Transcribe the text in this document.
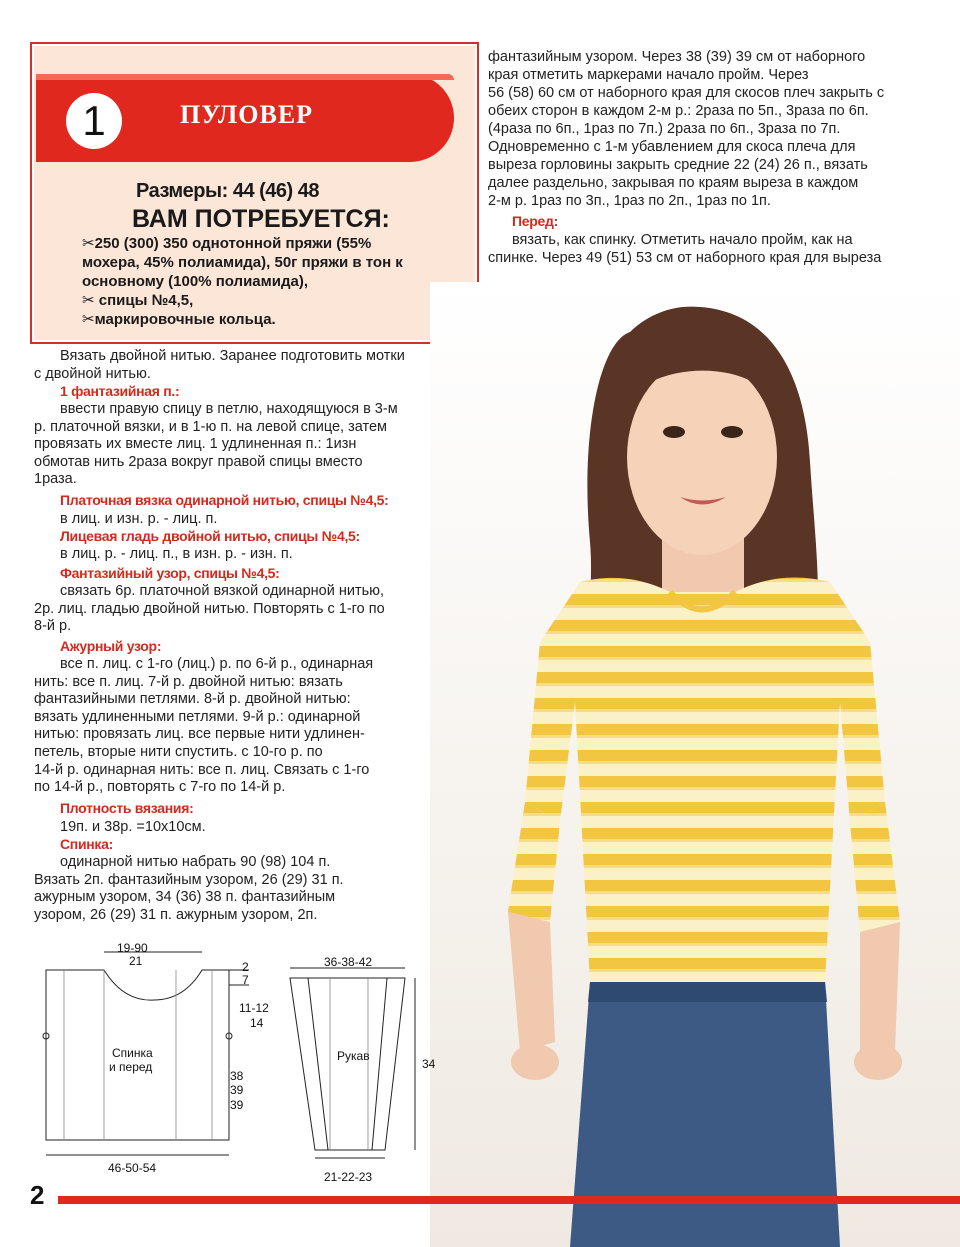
1	ПУЛОВЕР
Размеры: 44 (46) 48
ВАМ ПОТРЕБУЕТСЯ:
✂250 (300) 350 однотонной пряжи (55%
мохера, 45% полиамида), 50г пряжи в тон к
основному (100% полиамида),
✂ спицы №4,5,
✂маркировочные кольца.
Вязать двойной нитью. Заранее подготовить мотки
с двойной нитью.
1 фантазийная п.:
ввести правую спицу в петлю, находящуюся в 3-м
р. платочной вязки, и в 1-ю п. на левой спице, затем
провязать их вместе лиц. 1 удлиненная п.: 1изн
обмотав нить 2раза вокруг правой спицы вместо
1раза.
Платочная вязка одинарной нитью, спицы №4,5:
в лиц. и изн. р. - лиц. п.
Лицевая гладь двойной нитью, спицы №4,5:
в лиц. р. - лиц. п., в изн. р. - изн. п.
Фантазийный узор, спицы №4,5:
связать 6р. платочной вязкой одинарной нитью,
2р. лиц. гладью двойной нитью. Повторять с 1-го по
8-й р.
Ажурный узор:
все п. лиц. с 1-го (лиц.) р. по 6-й р., одинарная
нить: все п. лиц. 7-й р. двойной нитью: вязать
фантазийными петлями. 8-й р. двойной нитью:
вязать удлиненными петлями. 9-й р.: одинарной
нитью: провязать лиц. все первые нити удлинен-
петель, вторые нити спустить. с 10-го р. по
14-й р. одинарная нить: все п. лиц. Связать с 1-го
по 14-й р., повторять с 7-го по 14-й р.
Плотность вязания:
19п. и 38р. =10х10см.
Спинка:
одинарной нитью набрать 90 (98) 104 п.
Вязать 2п. фантазийным узором, 26 (29) 31 п.
ажурным узором, 34 (36) 38 п. фантазийным
узором, 26 (29) 31 п. ажурным узором, 2п.
фантазийным узором. Через 38 (39) 39 см от наборного
края отметить маркерами начало пройм. Через
56 (58) 60 см от наборного края для скосов плеч закрыть с
обеих сторон в каждом 2-м р.: 2раза по 5п., 3раза по 6п.
(4раза по 6п., 1раз по 7п.) 2раза по 6п., 3раза по 7п.
Одновременно с 1-м убавлением для скоса плеча для
выреза горловины закрыть средние 22 (24) 26 п., вязать
далее раздельно, закрывая по краям выреза в каждом
2-м р. 1раз по 3п., 1раз по 2п., 1раз по 1п.
Перед:
вязать, как спинку. Отметить начало пройм, как на
спинке. Через 49 (51) 53 см от наборного края для выреза
19-90
21	2
7
11-12
14
Спинка
и перед
38
39
39
46-50-54
36-38-42
Рукав
34
21-22-23
2
